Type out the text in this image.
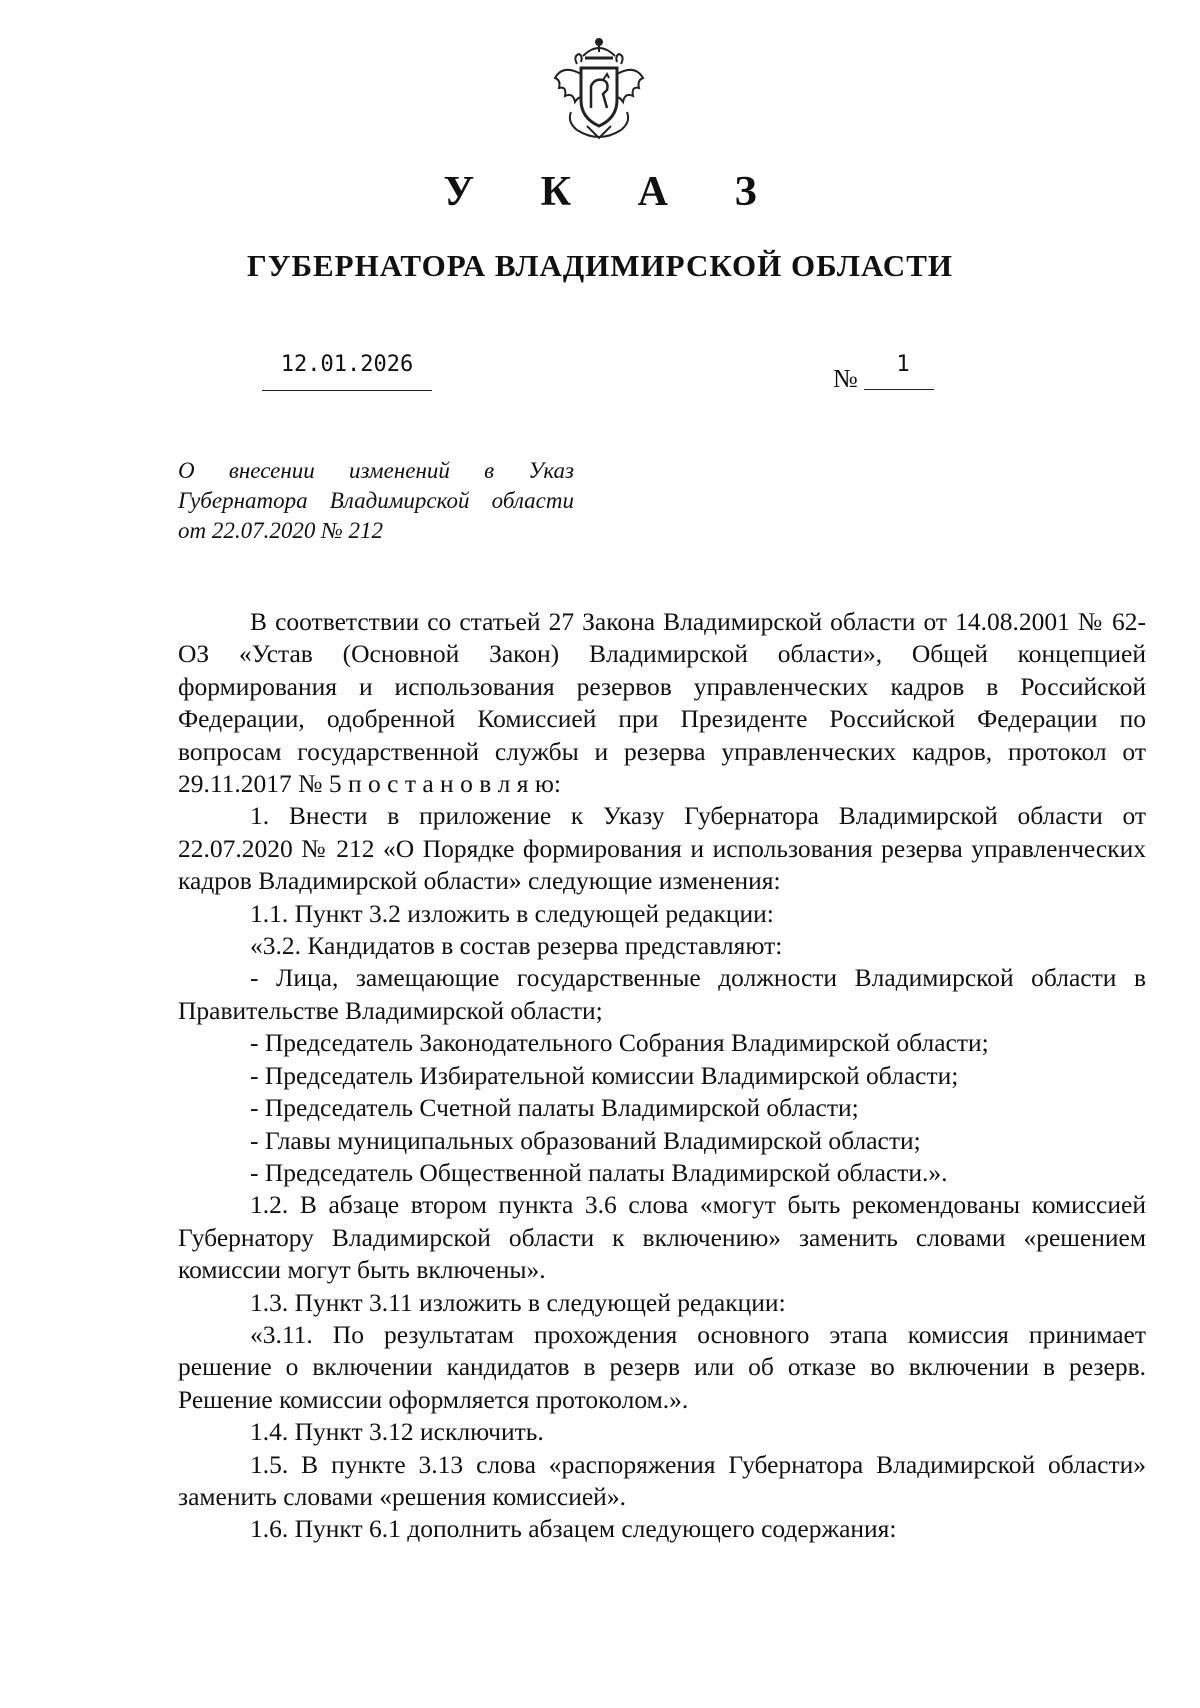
У К А З
ГУБЕРНАТОРА ВЛАДИМИРСКОЙ ОБЛАСТИ
12.01.2026	№	1
О внесении изменений в Указ
Губернатора Владимирской области
от 22.07.2020 № 212

В соответствии со статьей 27 Закона Владимирской области от 14.08.2001 № 62-ОЗ «Устав (Основной Закон) Владимирской области», Общей концепцией формирования и использования резервов управленческих кадров в Российской Федерации, одобренной Комиссией при Президенте Российской Федерации по вопросам государственной службы и резерва управленческих кадров, протокол от 29.11.2017 № 5 п о с т а н о в л я ю:

1. Внести в приложение к Указу Губернатора Владимирской области от 22.07.2020 № 212 «О Порядке формирования и использования резерва управленческих кадров Владимирской области» следующие изменения:

1.1. Пункт 3.2 изложить в следующей редакции:

«3.2. Кандидатов в состав резерва представляют:

- Лица, замещающие государственные должности Владимирской области в Правительстве Владимирской области;

- Председатель Законодательного Собрания Владимирской области;

- Председатель Избирательной комиссии Владимирской области;

- Председатель Счетной палаты Владимирской области;

- Главы муниципальных образований Владимирской области;

- Председатель Общественной палаты Владимирской области.».

1.2. В абзаце втором пункта 3.6 слова «могут быть рекомендованы комиссией Губернатору Владимирской области к включению» заменить словами «решением комиссии могут быть включены».

1.3. Пункт 3.11 изложить в следующей редакции:

«3.11. По результатам прохождения основного этапа комиссия принимает решение о включении кандидатов в резерв или об отказе во включении в резерв. Решение комиссии оформляется протоколом.».

1.4. Пункт 3.12 исключить.

1.5. В пункте 3.13 слова «распоряжения Губернатора Владимирской области» заменить словами «решения комиссией».

1.6. Пункт 6.1 дополнить абзацем следующего содержания:
